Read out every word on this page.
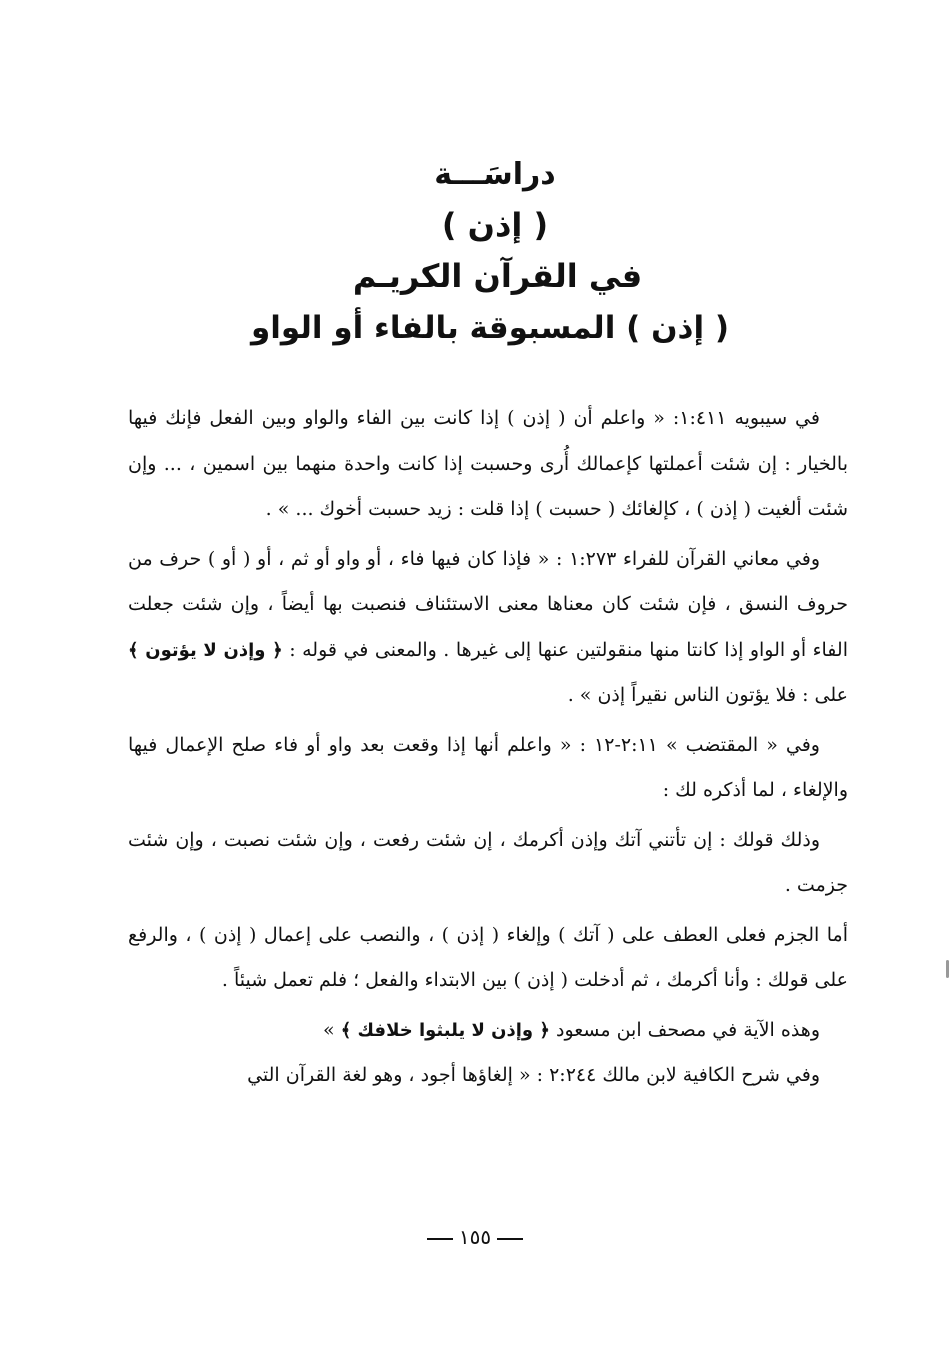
دراسَـــة
( إذن )
في القرآن الكريـم
( إذن ) المسبوقة بالفاء أو الواو

في سيبويه ١:٤١١: « واعلم أن ( إذن ) إذا كانت بين الفاء والواو وبين الفعل فإنك فيها بالخيار : إن شئت أعملتها كإعمالك أُرى وحسبت إذا كانت واحدة منهما بين اسمين ، ... وإن شئت ألغيت ( إذن ) ، كإلغائك ( حسبت ) إذا قلت : زيد حسبت أخوك ... » .

وفي معاني القرآن للفراء ١:٢٧٣ : « فإذا كان فيها فاء ، أو واو أو ثم ، أو ( أو ) حرف من حروف النسق ، فإن شئت كان معناها معنى الاستئناف فنصبت بها أيضاً ، وإن شئت جعلت الفاء أو الواو إذا كانتا منها منقولتين عنها إلى غيرها . والمعنى في قوله : ﴿ وإذن لا يؤتون ﴾ على : فلا يؤتون الناس نقيراً إذن » .

وفي « المقتضب » ٢:١١-١٢ : « واعلم أنها إذا وقعت بعد واو أو فاء صلح الإعمال فيها والإلغاء ، لما أذكره لك :

وذلك قولك : إن تأتني آتك وإذن أكرمك ، إن شئت رفعت ، وإن شئت نصبت ، وإن شئت جزمت .

أما الجزم فعلى العطف على ( آتك ) وإلغاء ( إذن ) ، والنصب على إعمال ( إذن ) ، والرفع على قولك : وأنا أكرمك ، ثم أدخلت ( إذن ) بين الابتداء والفعل ؛ فلم تعمل شيئاً .

وهذه الآية في مصحف ابن مسعود ﴿ وإذن لا يلبثوا خلافك ﴾ »

وفي شرح الكافية لابن مالك ٢:٢٤٤ : « إلغاؤها أجود ، وهو لغة القرآن التي

١٥٥
